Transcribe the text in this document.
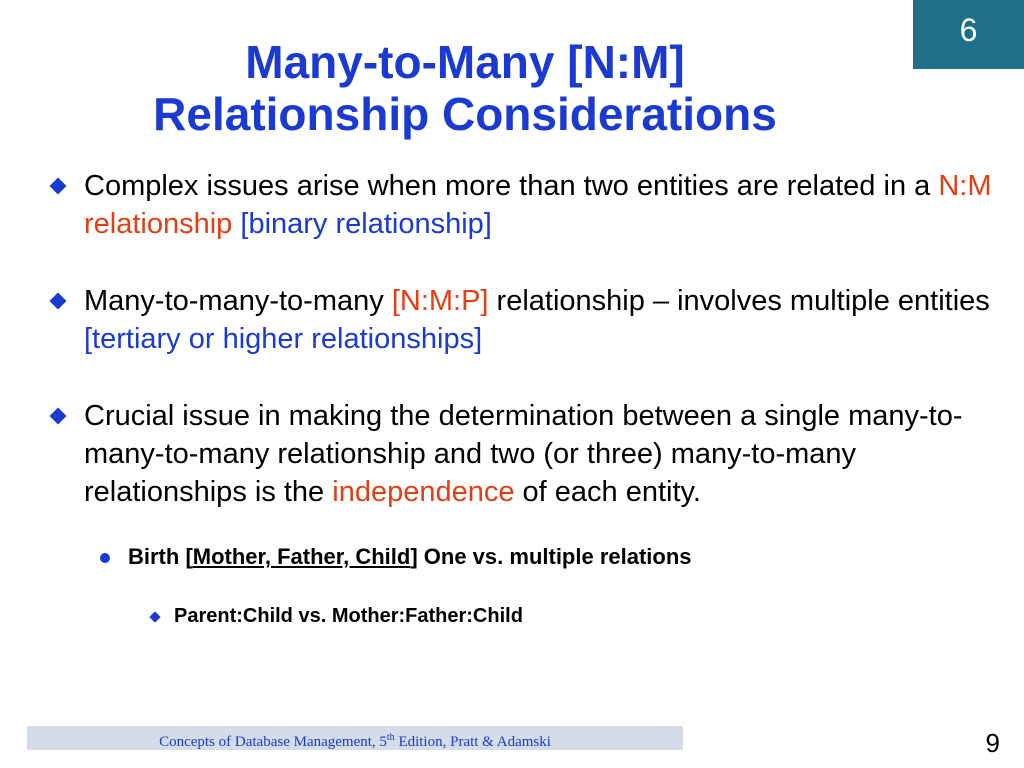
6
Many-to-Many [N:M]
Relationship Considerations
Complex issues arise when more than two entities are related in a N:M relationship [binary relationship]
Many-to-many-to-many [N:M:P] relationship – involves multiple entities [tertiary or higher relationships]
Crucial issue in making the determination between a single many-to-many-to-many relationship and two (or three) many-to-many relationships is the independence of each entity.
Birth [Mother, Father, Child] One vs. multiple relations
Parent:Child vs. Mother:Father:Child
Concepts of Database Management, 5th Edition, Pratt & Adamski	9
